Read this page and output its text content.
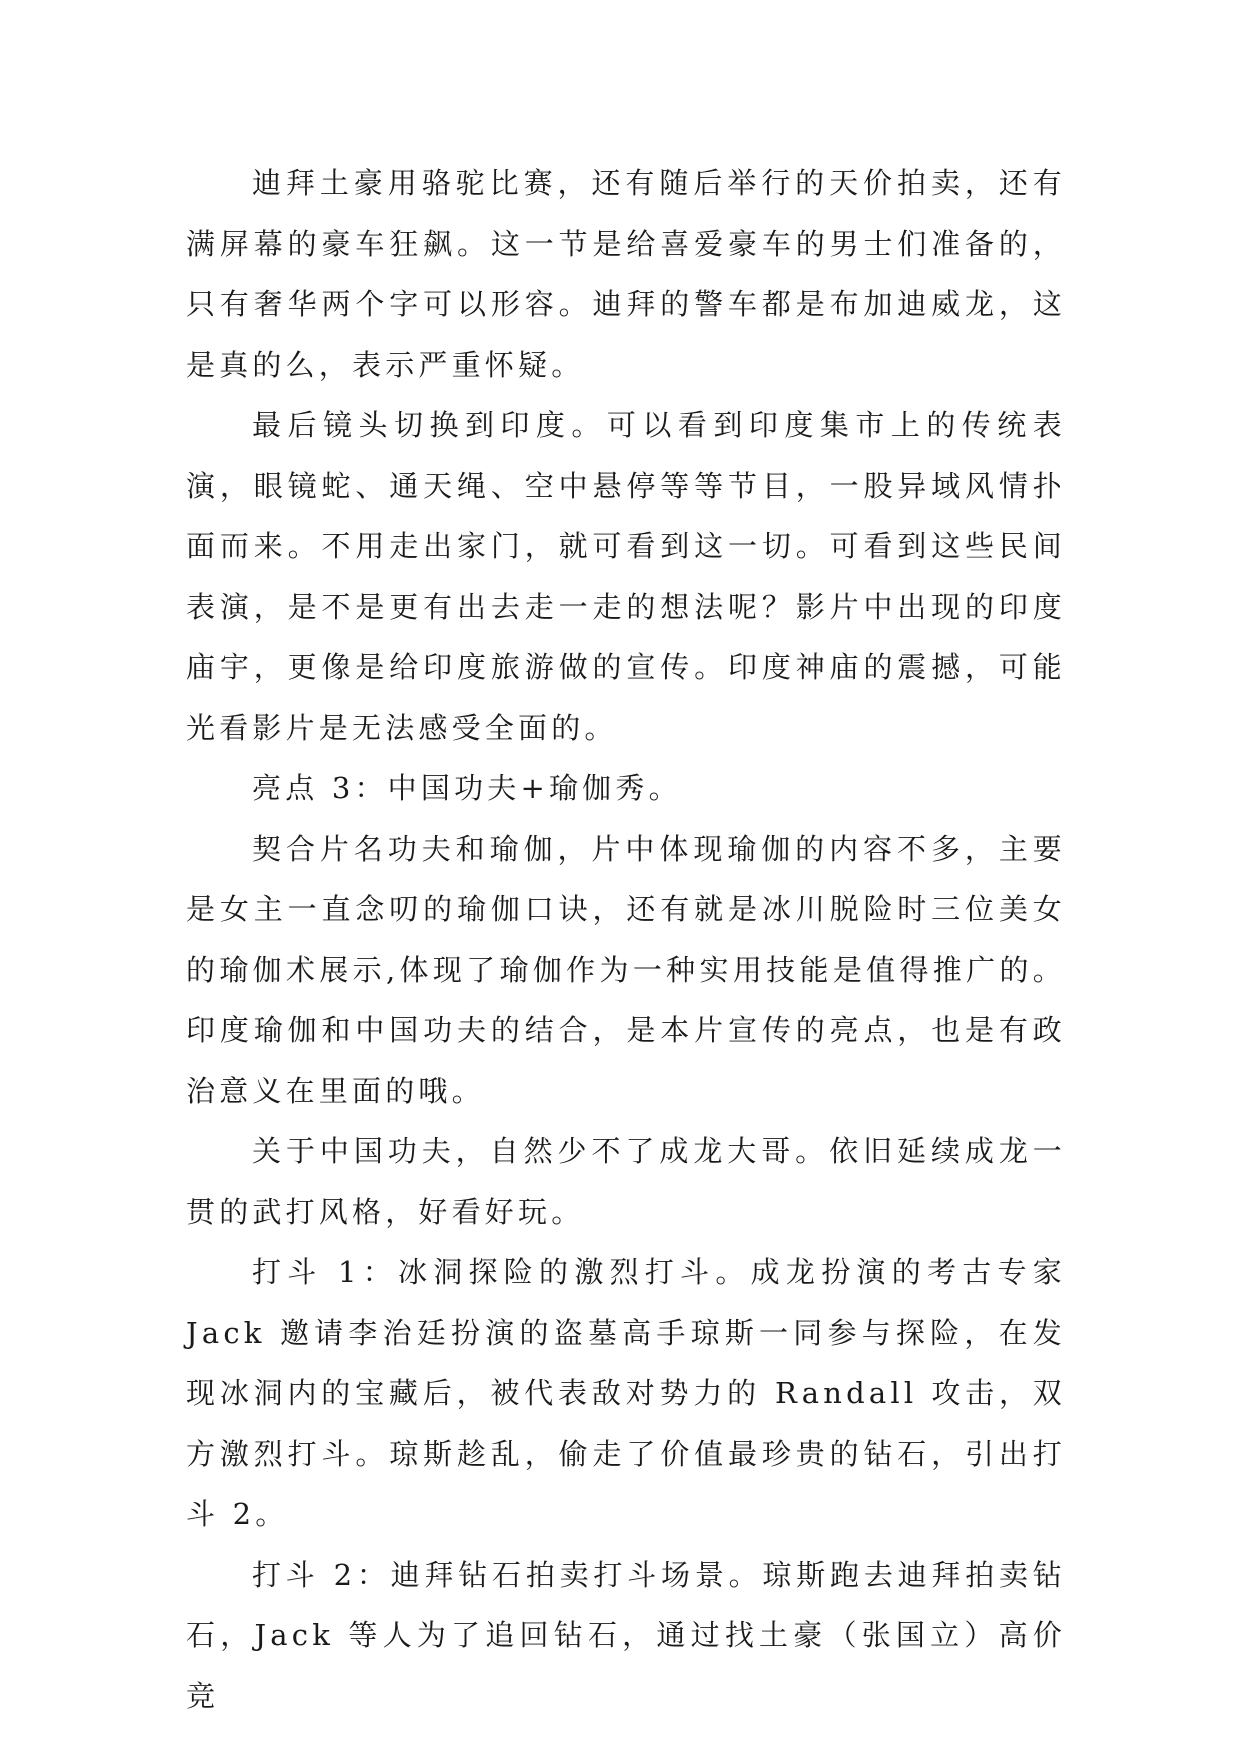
迪拜土豪用骆驼比赛，还有随后举行的天价拍卖，还有满屏幕的豪车狂飙。这一节是给喜爱豪车的男士们准备的，只有奢华两个字可以形容。迪拜的警车都是布加迪威龙，这是真的么，表示严重怀疑。

最后镜头切换到印度。可以看到印度集市上的传统表演，眼镜蛇、通天绳、空中悬停等等节目，一股异域风情扑面而来。不用走出家门，就可看到这一切。可看到这些民间表演，是不是更有出去走一走的想法呢？影片中出现的印度庙宇，更像是给印度旅游做的宣传。印度神庙的震撼，可能光看影片是无法感受全面的。

亮点 3：中国功夫+瑜伽秀。

契合片名功夫和瑜伽，片中体现瑜伽的内容不多，主要是女主一直念叨的瑜伽口诀，还有就是冰川脱险时三位美女的瑜伽术展示,体现了瑜伽作为一种实用技能是值得推广的。印度瑜伽和中国功夫的结合，是本片宣传的亮点，也是有政治意义在里面的哦。

关于中国功夫，自然少不了成龙大哥。依旧延续成龙一贯的武打风格，好看好玩。

打斗 1：冰洞探险的激烈打斗。成龙扮演的考古专家 Jack 邀请李治廷扮演的盗墓高手琼斯一同参与探险，在发现冰洞内的宝藏后，被代表敌对势力的 Randall 攻击，双方激烈打斗。琼斯趁乱，偷走了价值最珍贵的钻石，引出打斗 2。

打斗 2：迪拜钻石拍卖打斗场景。琼斯跑去迪拜拍卖钻石，Jack 等人为了追回钻石，通过找土豪（张国立）高价竞
